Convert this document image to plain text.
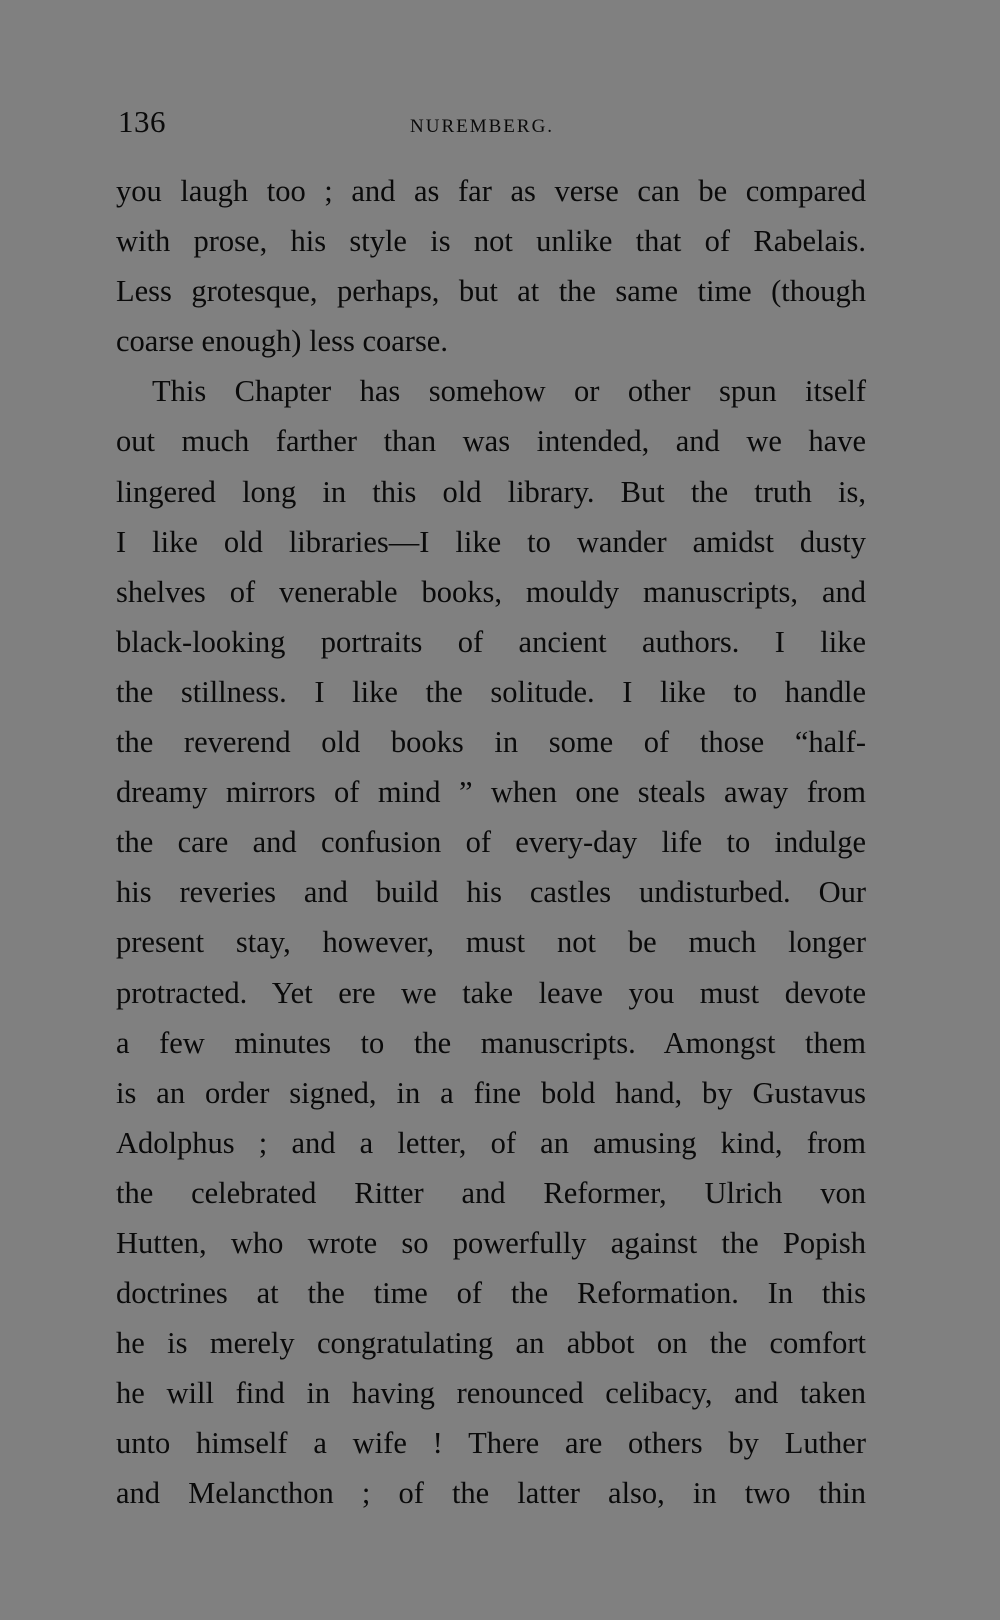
136	NUREMBERG.
you laugh too ; and as far as verse can be compared
with prose, his style is not unlike that of Rabelais.
Less grotesque, perhaps, but at the same time (though
coarse enough) less coarse.
This Chapter has somehow or other spun itself
out much farther than was intended, and we have
lingered long in this old library. But the truth is,
I like old libraries—I like to wander amidst dusty
shelves of venerable books, mouldy manuscripts, and
black-looking portraits of ancient authors. I like
the stillness. I like the solitude. I like to handle
the reverend old books in some of those “half-
dreamy mirrors of mind ” when one steals away from
the care and confusion of every-day life to indulge
his reveries and build his castles undisturbed. Our
present stay, however, must not be much longer
protracted. Yet ere we take leave you must devote
a few minutes to the manuscripts. Amongst them
is an order signed, in a fine bold hand, by Gustavus
Adolphus ; and a letter, of an amusing kind, from
the celebrated Ritter and Reformer, Ulrich von
Hutten, who wrote so powerfully against the Popish
doctrines at the time of the Reformation. In this
he is merely congratulating an abbot on the comfort
he will find in having renounced celibacy, and taken
unto himself a wife ! There are others by Luther
and Melancthon ; of the latter also, in two thin
